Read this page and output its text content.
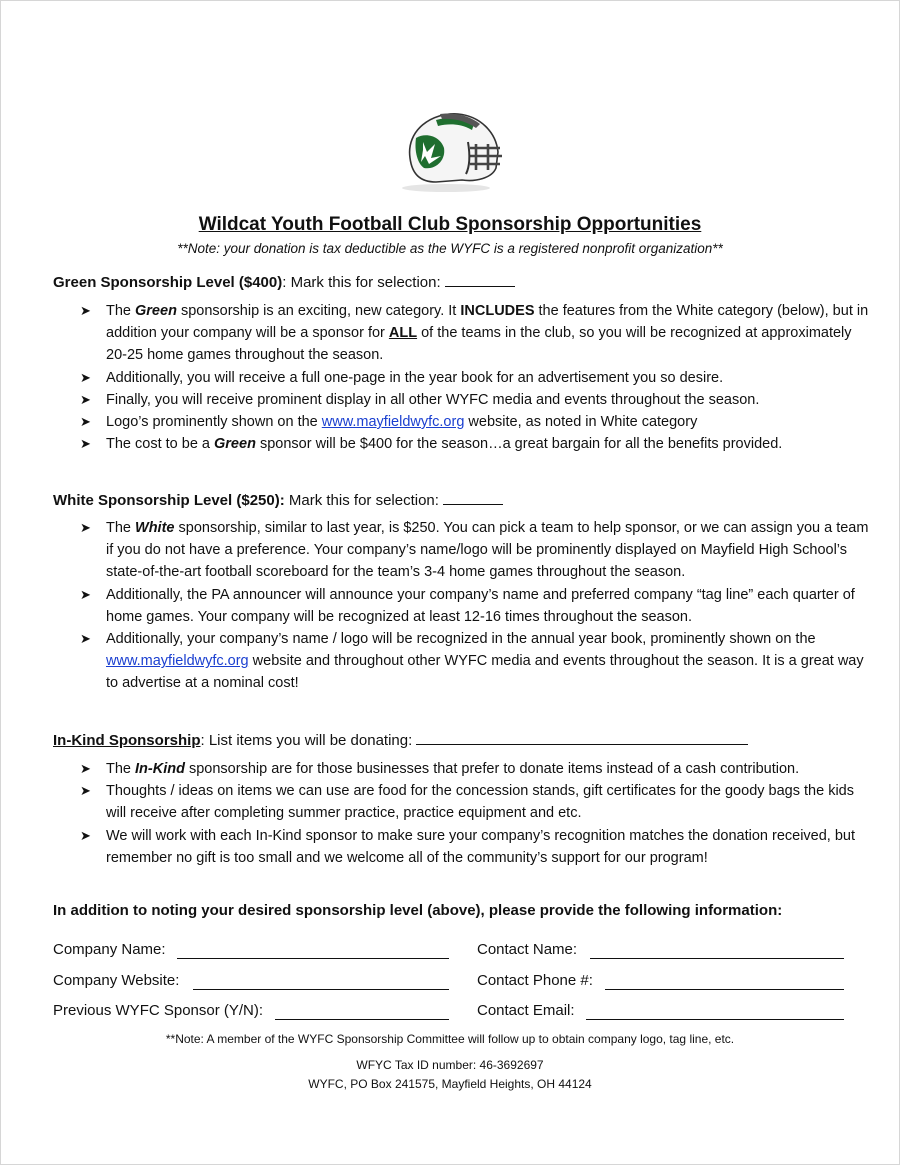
Wildcat Youth Football Club Sponsorship Opportunities
**Note: your donation is tax deductible as the WYFC is a registered nonprofit organization**
Green Sponsorship Level ($400): Mark this for selection:
➤ The Green sponsorship is an exciting, new category. It INCLUDES the features from the White category (below), but in addition your company will be a sponsor for ALL of the teams in the club, so you will be recognized at approximately 20-25 home games throughout the season.
➤ Additionally, you will receive a full one-page in the year book for an advertisement you so desire.
➤ Finally, you will receive prominent display in all other WYFC media and events throughout the season.
➤ Logo’s prominently shown on the www.mayfieldwyfc.org website, as noted in White category
➤ The cost to be a Green sponsor will be $400 for the season…a great bargain for all the benefits provided.
White Sponsorship Level ($250): Mark this for selection:
➤ The White sponsorship, similar to last year, is $250. You can pick a team to help sponsor, or we can assign you a team if you do not have a preference. Your company’s name/logo will be prominently displayed on Mayfield High School’s state-of-the-art football scoreboard for the team’s 3-4 home games throughout the season.
➤ Additionally, the PA announcer will announce your company’s name and preferred company “tag line” each quarter of home games. Your company will be recognized at least 12-16 times throughout the season.
➤ Additionally, your company’s name / logo will be recognized in the annual year book, prominently shown on the www.mayfieldwyfc.org website and throughout other WYFC media and events throughout the season. It is a great way to advertise at a nominal cost!
In-Kind Sponsorship: List items you will be donating:
➤ The In-Kind sponsorship are for those businesses that prefer to donate items instead of a cash contribution.
➤ Thoughts / ideas on items we can use are food for the concession stands, gift certificates for the goody bags the kids will receive after completing summer practice, practice equipment and etc.
➤ We will work with each In-Kind sponsor to make sure your company’s recognition matches the donation received, but remember no gift is too small and we welcome all of the community’s support for our program!
In addition to noting your desired sponsorship level (above), please provide the following information:
Company Name:	Contact Name:
Company Website:	Contact Phone #:
Previous WYFC Sponsor (Y/N):	Contact Email:
**Note: A member of the WYFC Sponsorship Committee will follow up to obtain company logo, tag line, etc.
WFYC Tax ID number: 46-3692697
WYFC, PO Box 241575, Mayfield Heights, OH 44124
